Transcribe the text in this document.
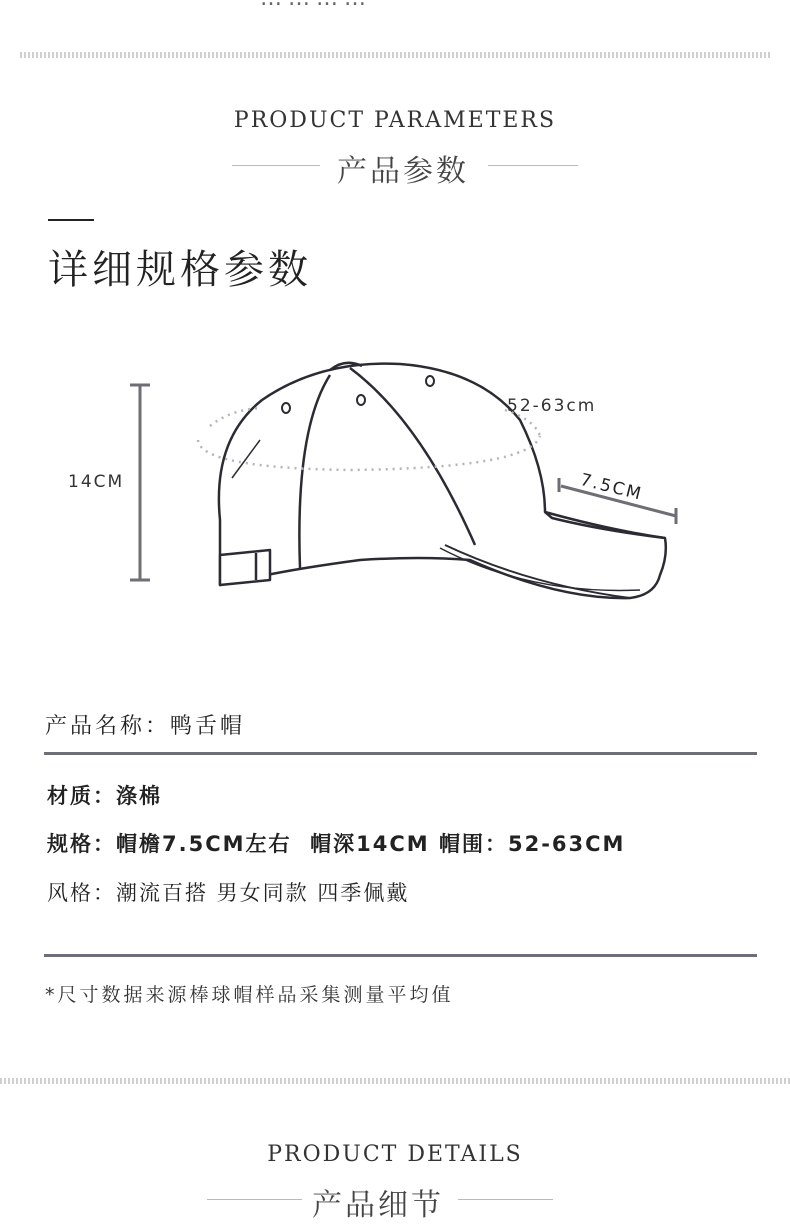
PRODUCT PARAMETERS
产品参数
详细规格参数
14CM
52-63cm
7.5CM
产品名称：鸭舌帽
材质：涤棉
规格：帽檐7.5CM左右  帽深14CM 帽围：52-63CM
风格：潮流百搭 男女同款 四季佩戴
*尺寸数据来源棒球帽样品采集测量平均值
PRODUCT DETAILS
产品细节
